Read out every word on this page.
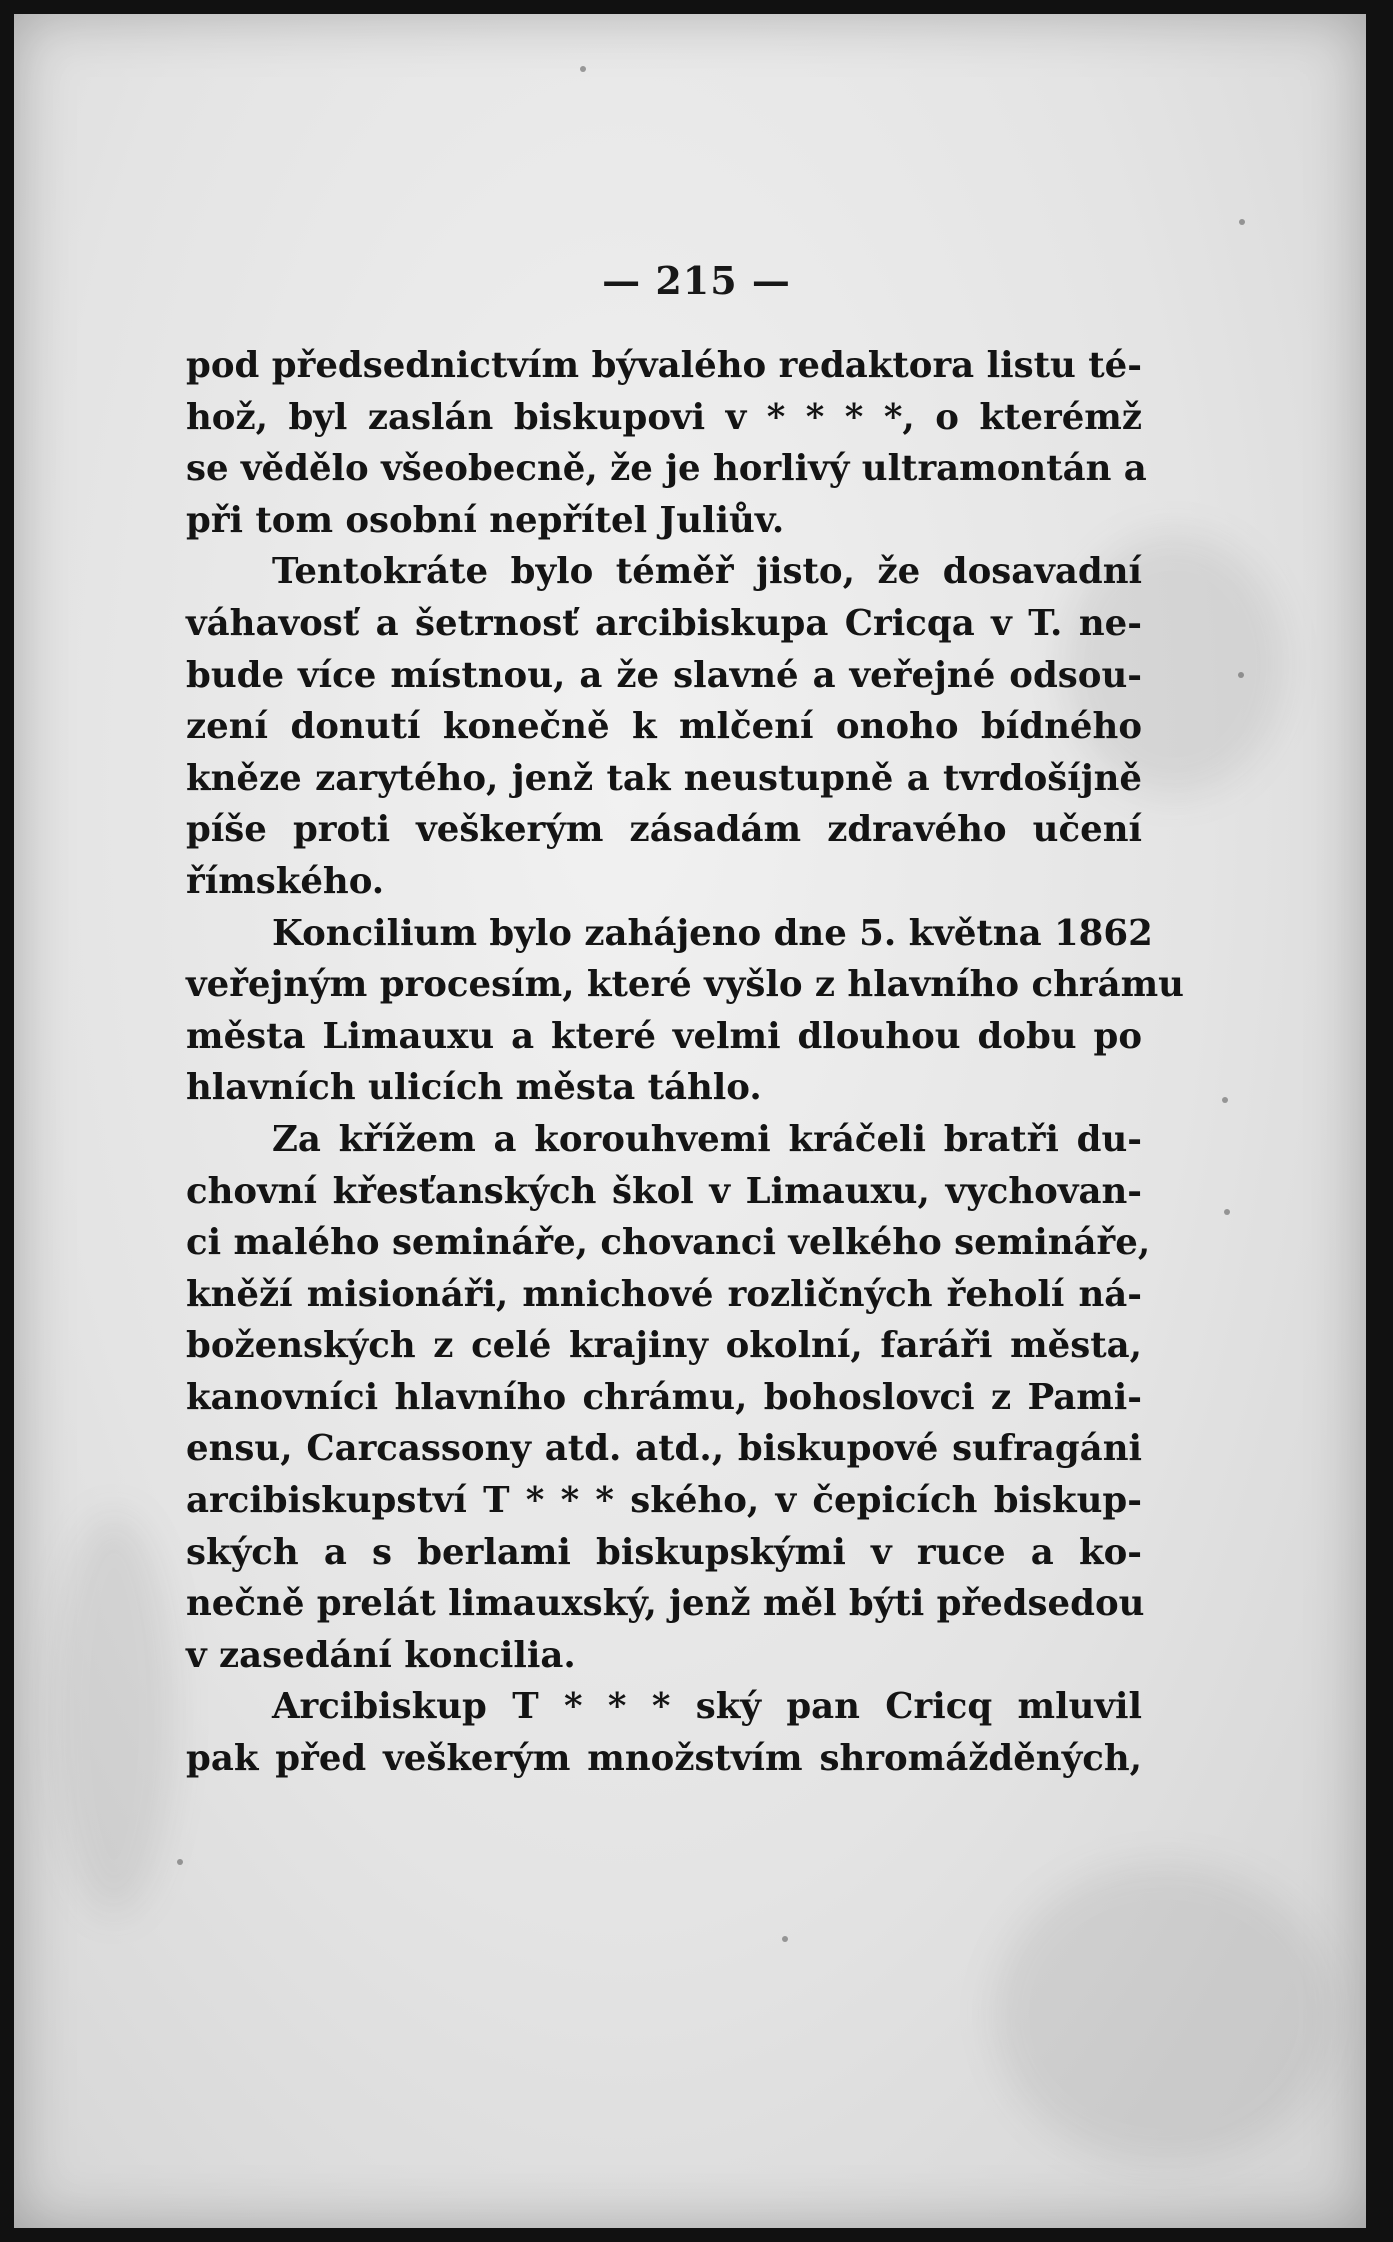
— 215 —
pod předsednictvím bývalého redaktora listu té-
hož, byl zaslán biskupovi v * * * *, o kterémž
se vědělo všeobecně, že je horlivý ultramontán a
při tom osobní nepřítel Juliův.
Tentokráte bylo téměř jisto, že dosavadní
váhavosť a šetrnosť arcibiskupa Cricqa v T. ne-
bude více místnou, a že slavné a veřejné odsou-
zení donutí konečně k mlčení onoho bídného
kněze zarytého, jenž tak neustupně a tvrdošíjně
píše proti veškerým zásadám zdravého učení
římského.
Koncilium bylo zahájeno dne 5. května 1862
veřejným procesím, které vyšlo z hlavního chrámu
města Limauxu a které velmi dlouhou dobu po
hlavních ulicích města táhlo.
Za křížem a korouhvemi kráčeli bratři du-
chovní křesťanských škol v Limauxu, vychovan-
ci malého semináře, chovanci velkého semináře,
kněží misionáři, mnichové rozličných řeholí ná-
boženských z celé krajiny okolní, faráři města,
kanovníci hlavního chrámu, bohoslovci z Pami-
ensu, Carcassony atd. atd., biskupové sufragáni
arcibiskupství T * * * ského, v čepicích biskup-
ských a s berlami biskupskými v ruce a ko-
nečně prelát limauxský, jenž měl býti předsedou
v zasedání koncilia.
Arcibiskup T * * * ský pan Cricq mluvil
pak před veškerým množstvím shromážděných,
